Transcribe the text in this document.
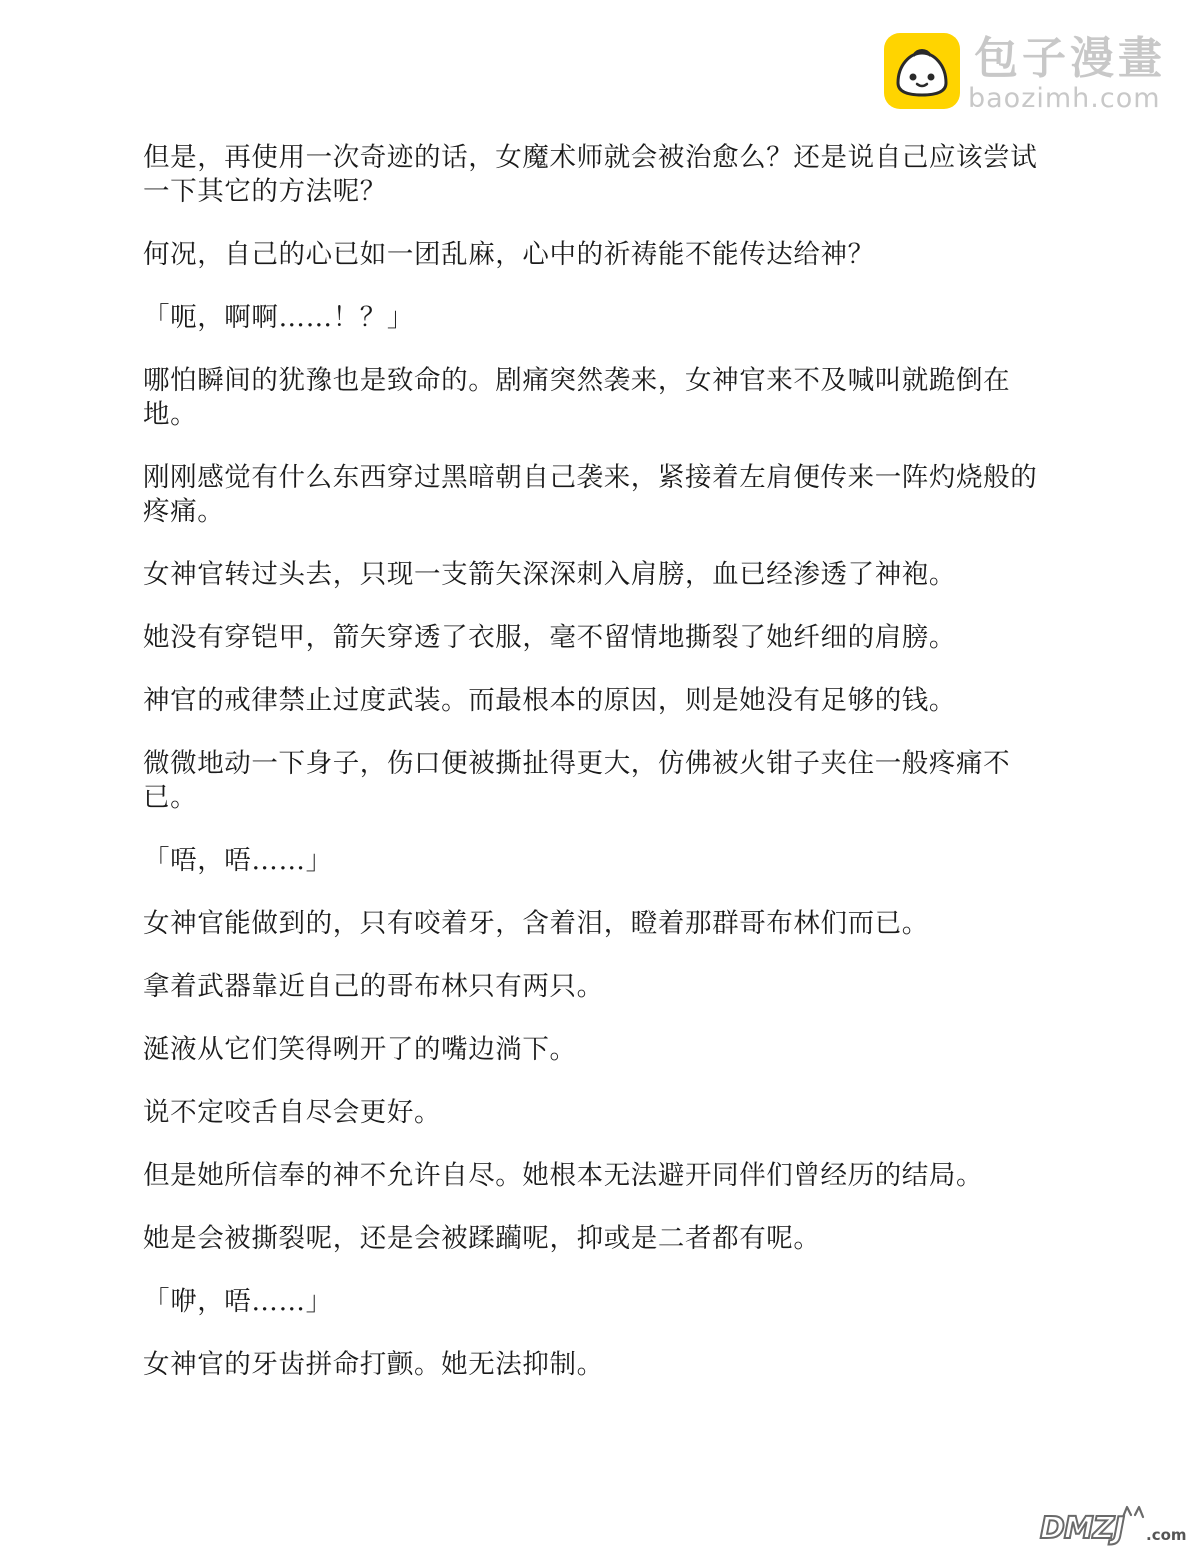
包子漫畫
baozimh.com

但是，再使用一次奇迹的话，女魔术师就会被治愈么？还是说自己应该尝试一下其它的方法呢？

何况，自己的心已如一团乱麻，心中的祈祷能不能传达给神？

「呃，啊啊……！？」

哪怕瞬间的犹豫也是致命的。剧痛突然袭来，女神官来不及喊叫就跪倒在地。

刚刚感觉有什么东西穿过黑暗朝自己袭来，紧接着左肩便传来一阵灼烧般的疼痛。

女神官转过头去，只现一支箭矢深深刺入肩膀，血已经渗透了神袍。

她没有穿铠甲，箭矢穿透了衣服，毫不留情地撕裂了她纤细的肩膀。

神官的戒律禁止过度武装。而最根本的原因，则是她没有足够的钱。

微微地动一下身子，伤口便被撕扯得更大，仿佛被火钳子夹住一般疼痛不已。

「唔，唔……」

女神官能做到的，只有咬着牙，含着泪，瞪着那群哥布林们而已。

拿着武器靠近自己的哥布林只有两只。

涎液从它们笑得咧开了的嘴边淌下。

说不定咬舌自尽会更好。

但是她所信奉的神不允许自尽。她根本无法避开同伴们曾经历的结局。

她是会被撕裂呢，还是会被蹂躏呢，抑或是二者都有呢。

「咿，唔……」

女神官的牙齿拼命打颤。她无法抑制。

DMZJ .com
